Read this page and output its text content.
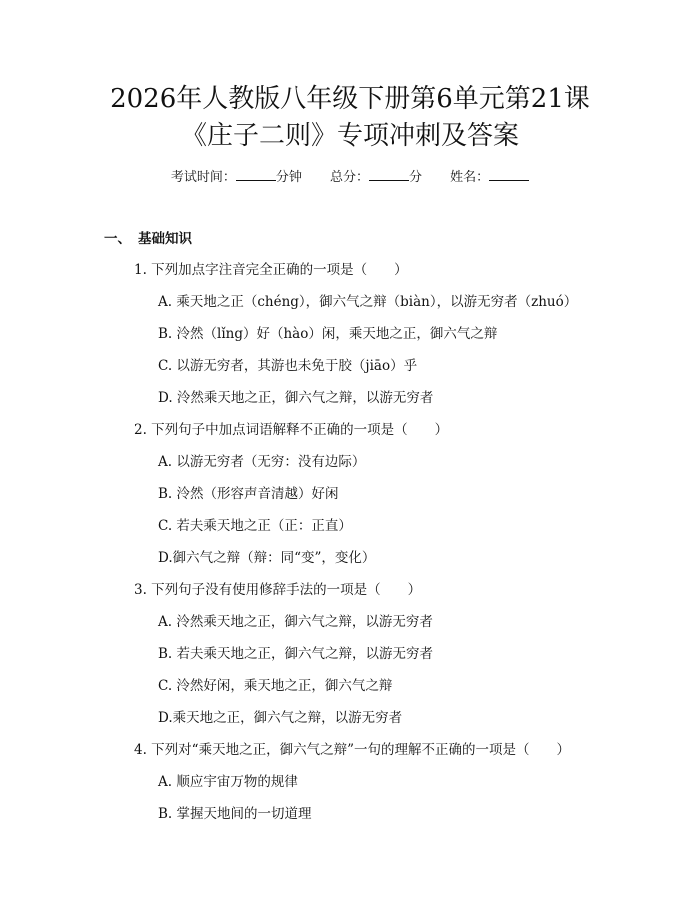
2026年人教版八年级下册第6单元第21课
《庄子二则》专项冲刺及答案
考试时间：	分钟 总分：	分 姓名：
一、 基础知识
1. 下列加点字注音完全正确的一项是（　　）
A. 乘天地之正（chéng），御六气之辩（biàn），以游无穷者（zhuó）
B. 泠然（lǐng）好（hào）闲，乘天地之正，御六气之辩
C. 以游无穷者，其游也未免于胶（jiāo）乎
D. 泠然乘天地之正，御六气之辩，以游无穷者
2. 下列句子中加点词语解释不正确的一项是（　　）
A. 以游无穷者（无穷：没有边际）
B. 泠然（形容声音清越）好闲
C. 若夫乘天地之正（正：正直）
D.御六气之辩（辩：同“变”，变化）
3. 下列句子没有使用修辞手法的一项是（　　）
A. 泠然乘天地之正，御六气之辩，以游无穷者
B. 若夫乘天地之正，御六气之辩，以游无穷者
C. 泠然好闲，乘天地之正，御六气之辩
D.乘天地之正，御六气之辩，以游无穷者
4. 下列对“乘天地之正，御六气之辩”一句的理解不正确的一项是（　　）
A. 顺应宇宙万物的规律
B. 掌握天地间的一切道理
